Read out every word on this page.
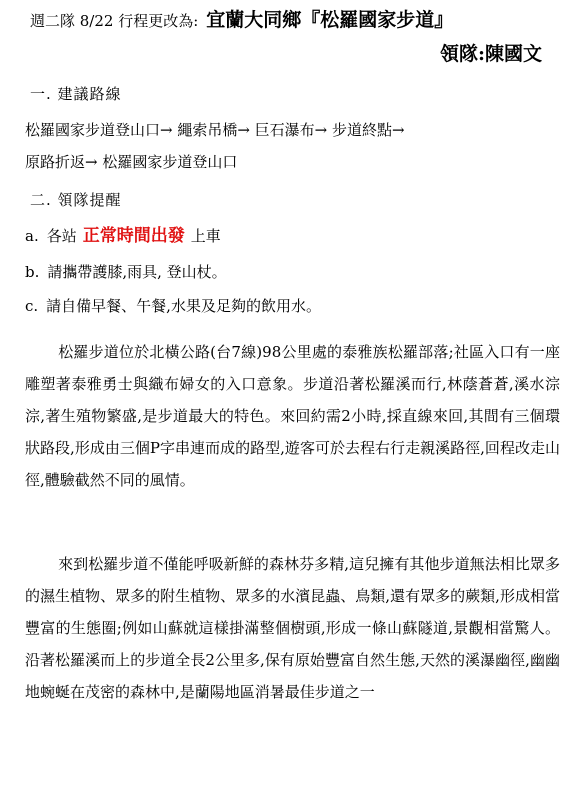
週二隊 8/22 行程更改為: 宜蘭大同鄉『松羅國家步道』
領隊:陳國文
一. 建議路線
松羅國家步道登山口→ 繩索吊橋→ 巨石瀑布→ 步道終點→
原路折返→ 松羅國家步道登山口
二. 領隊提醒
a. 各站 正常時間出發 上車
b. 請攜帶護膝,雨具, 登山杖。
c. 請自備早餐、午餐,水果及足夠的飲用水。

松羅步道位於北橫公路(台7線)98公里處的泰雅族松羅部落;社區入口有一座雕塑著泰雅勇士與織布婦女的入口意象。步道沿著松羅溪而行,林蔭蒼蒼,溪水淙淙,著生殖物繁盛,是步道最大的特色。來回約需2小時,採直線來回,其間有三個環狀路段,形成由三個P字串連而成的路型,遊客可於去程右行走親溪路徑,回程改走山徑,體驗截然不同的風情。

來到松羅步道不僅能呼吸新鮮的森林芬多精,這兒擁有其他步道無法相比眾多的濕生植物、眾多的附生植物、眾多的水濱昆蟲、鳥類,還有眾多的蕨類,形成相當豐富的生態圈;例如山蘇就這樣掛滿整個樹頭,形成一條山蘇隧道,景觀相當驚人。沿著松羅溪而上的步道全長2公里多,保有原始豐富自然生態,天然的溪瀑幽徑,幽幽地蜿蜒在茂密的森林中,是蘭陽地區消暑最佳步道之一
